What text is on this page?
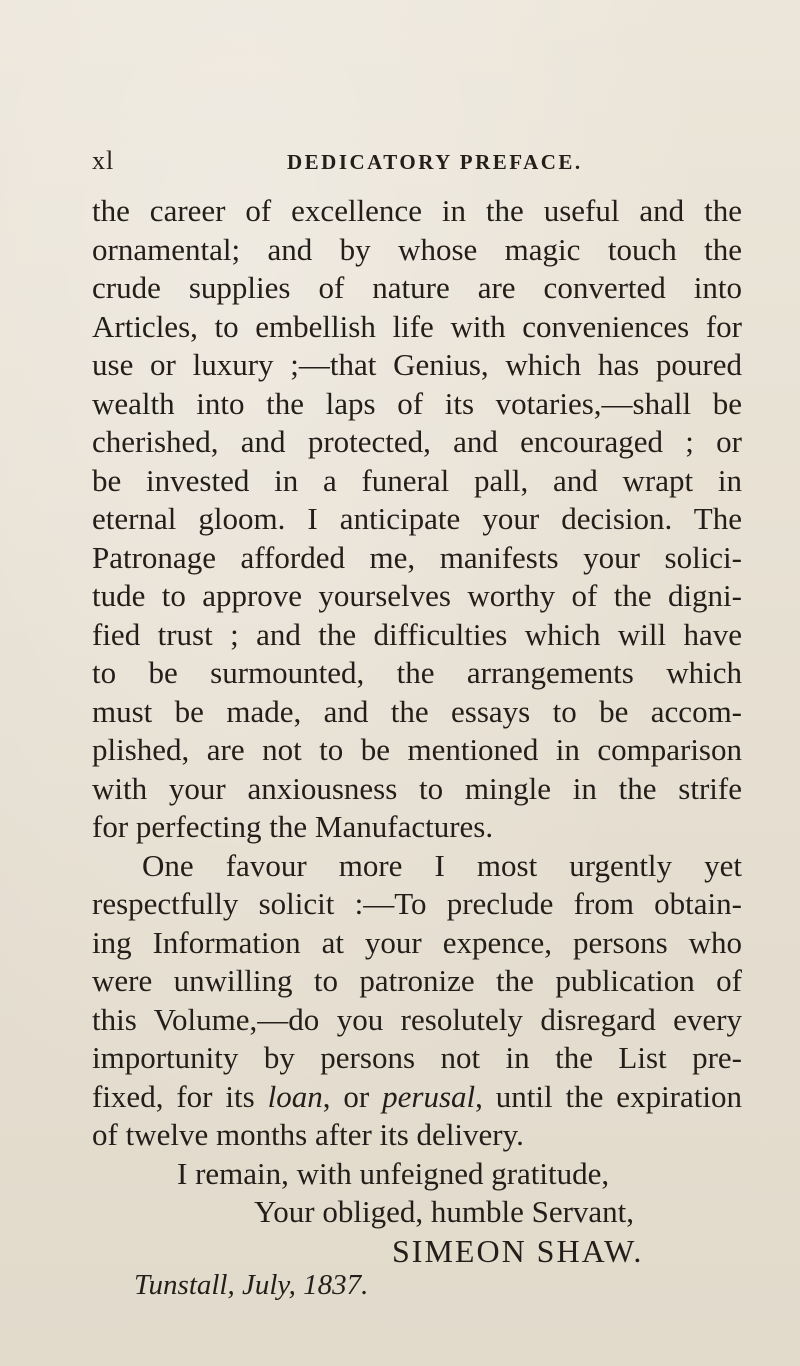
xl	DEDICATORY PREFACE.
the career of excellence in the useful and the
ornamental; and by whose magic touch the
crude supplies of nature are converted into
Articles, to embellish life with conveniences for
use or luxury ;—that Genius, which has poured
wealth into the laps of its votaries,—shall be
cherished, and protected, and encouraged ; or
be invested in a funeral pall, and wrapt in
eternal gloom. I anticipate your decision. The
Patronage afforded me, manifests your solici-
tude to approve yourselves worthy of the digni-
fied trust ; and the difficulties which will have
to be surmounted, the arrangements which
must be made, and the essays to be accom-
plished, are not to be mentioned in comparison
with your anxiousness to mingle in the strife
for perfecting the Manufactures.
One favour more I most urgently yet
respectfully solicit :—To preclude from obtain-
ing Information at your expence, persons who
were unwilling to patronize the publication of
this Volume,—do you resolutely disregard every
importunity by persons not in the List pre-
fixed, for its loan, or perusal, until the expiration
of twelve months after its delivery.
I remain, with unfeigned gratitude,
Your obliged, humble Servant,
SIMEON SHAW.
Tunstall, July, 1837.
